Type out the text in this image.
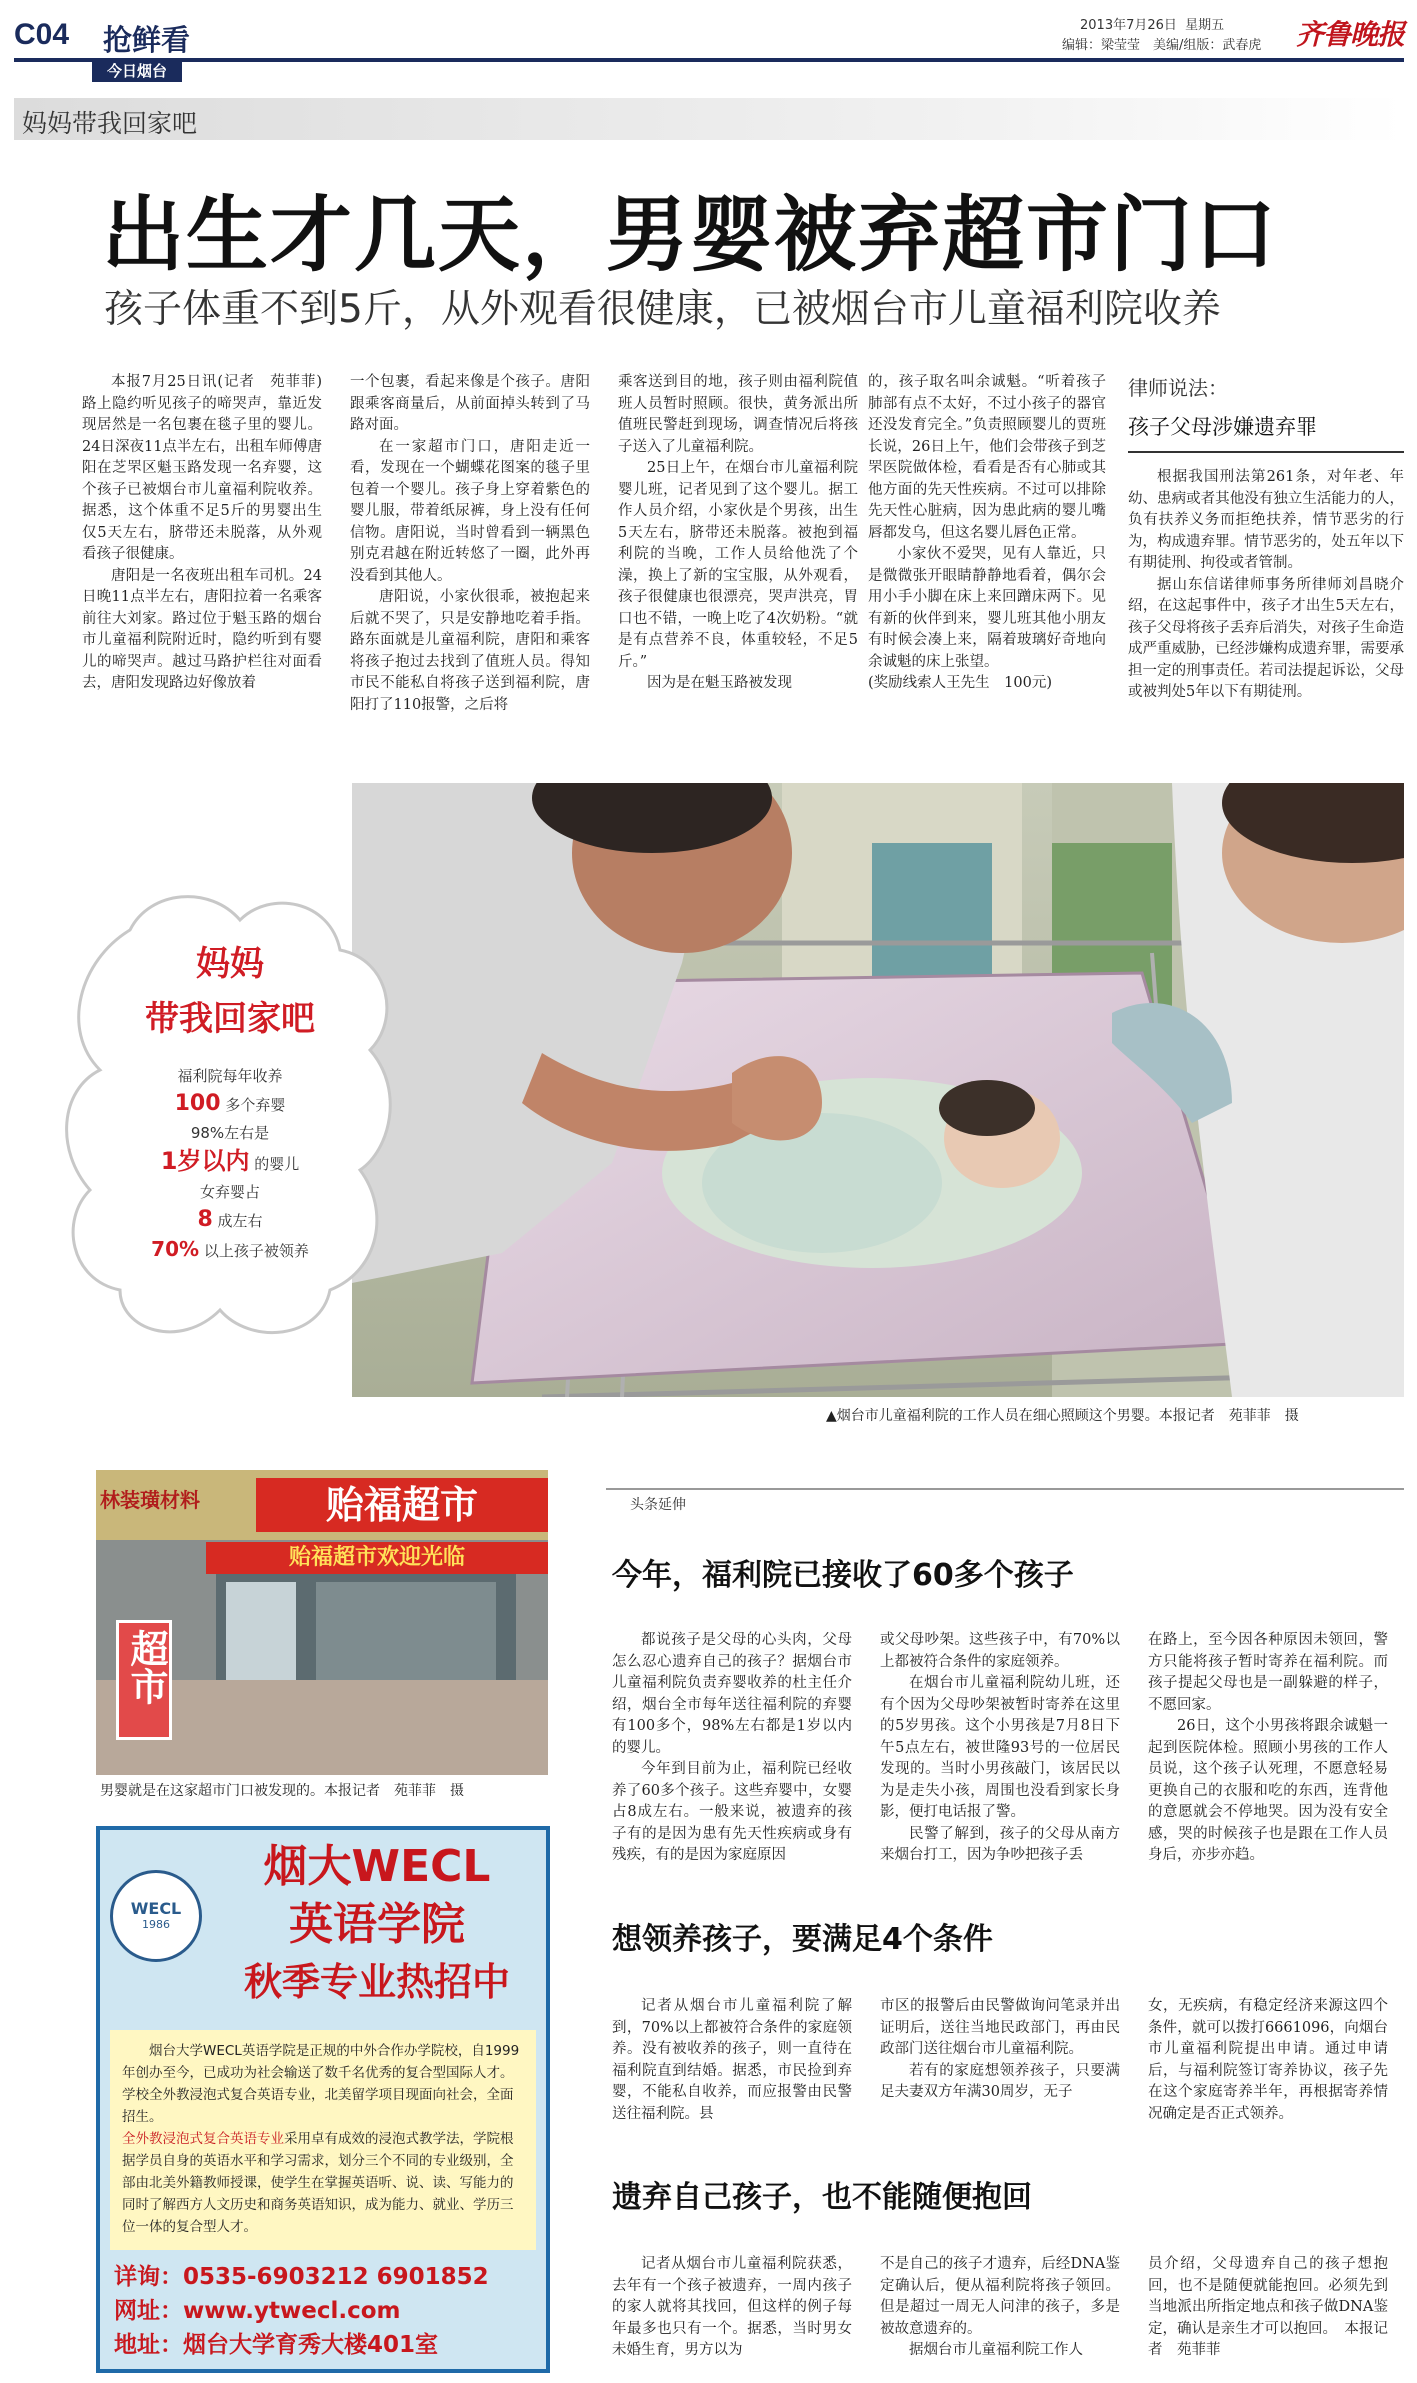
C04 抢鲜看
今日烟台
2013年7月26日 星期五
编辑：梁莹莹　美编/组版：武春虎 齐鲁晚报
妈妈带我回家吧
出生才几天，男婴被弃超市门口
孩子体重不到5斤，从外观看很健康，已被烟台市儿童福利院收养

本报7月25日讯(记者　苑菲菲)　路上隐约听见孩子的啼哭声，靠近发现居然是一名包裹在毯子里的婴儿。24日深夜11点半左右，出租车师傅唐阳在芝罘区魁玉路发现一名弃婴，这个孩子已被烟台市儿童福利院收养。据悉，这个体重不足5斤的男婴出生仅5天左右，脐带还未脱落，从外观看孩子很健康。

唐阳是一名夜班出租车司机。24日晚11点半左右，唐阳拉着一名乘客前往大刘家。路过位于魁玉路的烟台市儿童福利院附近时，隐约听到有婴儿的啼哭声。越过马路护栏往对面看去，唐阳发现路边好像放着

一个包裹，看起来像是个孩子。唐阳跟乘客商量后，从前面掉头转到了马路对面。

在一家超市门口，唐阳走近一看，发现在一个蝴蝶花图案的毯子里包着一个婴儿。孩子身上穿着紫色的婴儿服，带着纸尿裤，身上没有任何信物。唐阳说，当时曾看到一辆黑色别克君越在附近转悠了一圈，此外再没看到其他人。

唐阳说，小家伙很乖，被抱起来后就不哭了，只是安静地吃着手指。路东面就是儿童福利院，唐阳和乘客将孩子抱过去找到了值班人员。得知市民不能私自将孩子送到福利院，唐阳打了110报警，之后将

乘客送到目的地，孩子则由福利院值班人员暂时照顾。很快，黄务派出所值班民警赶到现场，调查情况后将孩子送入了儿童福利院。

25日上午，在烟台市儿童福利院婴儿班，记者见到了这个婴儿。据工作人员介绍，小家伙是个男孩，出生5天左右，脐带还未脱落。被抱到福利院的当晚，工作人员给他洗了个澡，换上了新的宝宝服，从外观看，孩子很健康也很漂亮，哭声洪亮，胃口也不错，一晚上吃了4次奶粉。“就是有点营养不良，体重较轻，不足5斤。”

因为是在魁玉路被发现

的，孩子取名叫余诚魁。“听着孩子肺部有点不太好，不过小孩子的器官还没发育完全。”负责照顾婴儿的贾班长说，26日上午，他们会带孩子到芝罘医院做体检，看看是否有心肺或其他方面的先天性疾病。不过可以排除先天性心脏病，因为患此病的婴儿嘴唇都发乌，但这名婴儿唇色正常。

小家伙不爱哭，见有人靠近，只是微微张开眼睛静静地看着，偶尔会用小手小脚在床上来回蹭床两下。见有新的伙伴到来，婴儿班其他小朋友有时候会凑上来，隔着玻璃好奇地向余诚魁的床上张望。

(奖励线索人王先生　100元)

律师说法：
孩子父母涉嫌遗弃罪

根据我国刑法第261条，对年老、年幼、患病或者其他没有独立生活能力的人，负有扶养义务而拒绝扶养，情节恶劣的行为，构成遗弃罪。情节恶劣的，处五年以下有期徒刑、拘役或者管制。

据山东信诺律师事务所律师刘昌晓介绍，在这起事件中，孩子才出生5天左右，孩子父母将孩子丢弃后消失，对孩子生命造成严重威胁，已经涉嫌构成遗弃罪，需要承担一定的刑事责任。若司法提起诉讼，父母或被判处5年以下有期徒刑。

▲烟台市儿童福利院的工作人员在细心照顾这个男婴。本报记者　苑菲菲　摄
妈妈
带我回家吧
福利院每年收养
100 多个弃婴
98%左右是
1岁以内 的婴儿
女弃婴占
8 成左右
70% 以上孩子被领养
林装璜材料	贻福超市
贻福超市欢迎光临
超市
男婴就是在这家超市门口被发现的。本报记者　苑菲菲　摄
WECL
1986
烟大WECL
英语学院
秋季专业热招中

烟台大学WECL英语学院是正规的中外合作办学院校，自1999年创办至今，已成功为社会输送了数千名优秀的复合型国际人才。学校全外教浸泡式复合英语专业，北美留学项目现面向社会，全面招生。

全外教浸泡式复合英语专业采用卓有成效的浸泡式教学法，学院根据学员自身的英语水平和学习需求，划分三个不同的专业级别，全部由北美外籍教师授课，使学生在掌握英语听、说、读、写能力的同时了解西方人文历史和商务英语知识，成为能力、就业、学历三位一体的复合型人才。

详询：0535-6903212 6901852
网址：www.ytwecl.com
地址：烟台大学育秀大楼401室
头条延伸
今年，福利院已接收了60多个孩子

都说孩子是父母的心头肉，父母怎么忍心遗弃自己的孩子？据烟台市儿童福利院负责弃婴收养的杜主任介绍，烟台全市每年送往福利院的弃婴有100多个，98%左右都是1岁以内的婴儿。

今年到目前为止，福利院已经收养了60多个孩子。这些弃婴中，女婴占8成左右。一般来说，被遗弃的孩子有的是因为患有先天性疾病或身有残疾，有的是因为家庭原因

或父母吵架。这些孩子中，有70%以上都被符合条件的家庭领养。

在烟台市儿童福利院幼儿班，还有个因为父母吵架被暂时寄养在这里的5岁男孩。这个小男孩是7月8日下午5点左右，被世隆93号的一位居民发现的。当时小男孩敲门，该居民以为是走失小孩，周围也没看到家长身影，便打电话报了警。

民警了解到，孩子的父母从南方来烟台打工，因为争吵把孩子丢

在路上，至今因各种原因未领回，警方只能将孩子暂时寄养在福利院。而孩子提起父母也是一副躲避的样子，不愿回家。

26日，这个小男孩将跟余诚魁一起到医院体检。照顾小男孩的工作人员说，这个孩子认死理，不愿意轻易更换自己的衣服和吃的东西，连背他的意愿就会不停地哭。因为没有安全感，哭的时候孩子也是跟在工作人员身后，亦步亦趋。

想领养孩子，要满足4个条件

记者从烟台市儿童福利院了解到，70%以上都被符合条件的家庭领养。没有被收养的孩子，则一直待在福利院直到结婚。据悉，市民捡到弃婴，不能私自收养，而应报警由民警送往福利院。县

市区的报警后由民警做询问笔录并出证明后，送往当地民政部门，再由民政部门送往烟台市儿童福利院。

若有的家庭想领养孩子，只要满足夫妻双方年满30周岁，无子

女，无疾病，有稳定经济来源这四个条件，就可以拨打6661096，向烟台市儿童福利院提出申请。通过申请后，与福利院签订寄养协议，孩子先在这个家庭寄养半年，再根据寄养情况确定是否正式领养。

遗弃自己孩子，也不能随便抱回

记者从烟台市儿童福利院获悉，去年有一个孩子被遗弃，一周内孩子的家人就将其找回，但这样的例子每年最多也只有一个。据悉，当时男女未婚生育，男方以为

不是自己的孩子才遗弃，后经DNA鉴定确认后，便从福利院将孩子领回。但是超过一周无人问津的孩子，多是被故意遗弃的。

据烟台市儿童福利院工作人

员介绍，父母遗弃自己的孩子想抱回，也不是随便就能抱回。必须先到当地派出所指定地点和孩子做DNA鉴定，确认是亲生才可以抱回。　本报记者　苑菲菲
